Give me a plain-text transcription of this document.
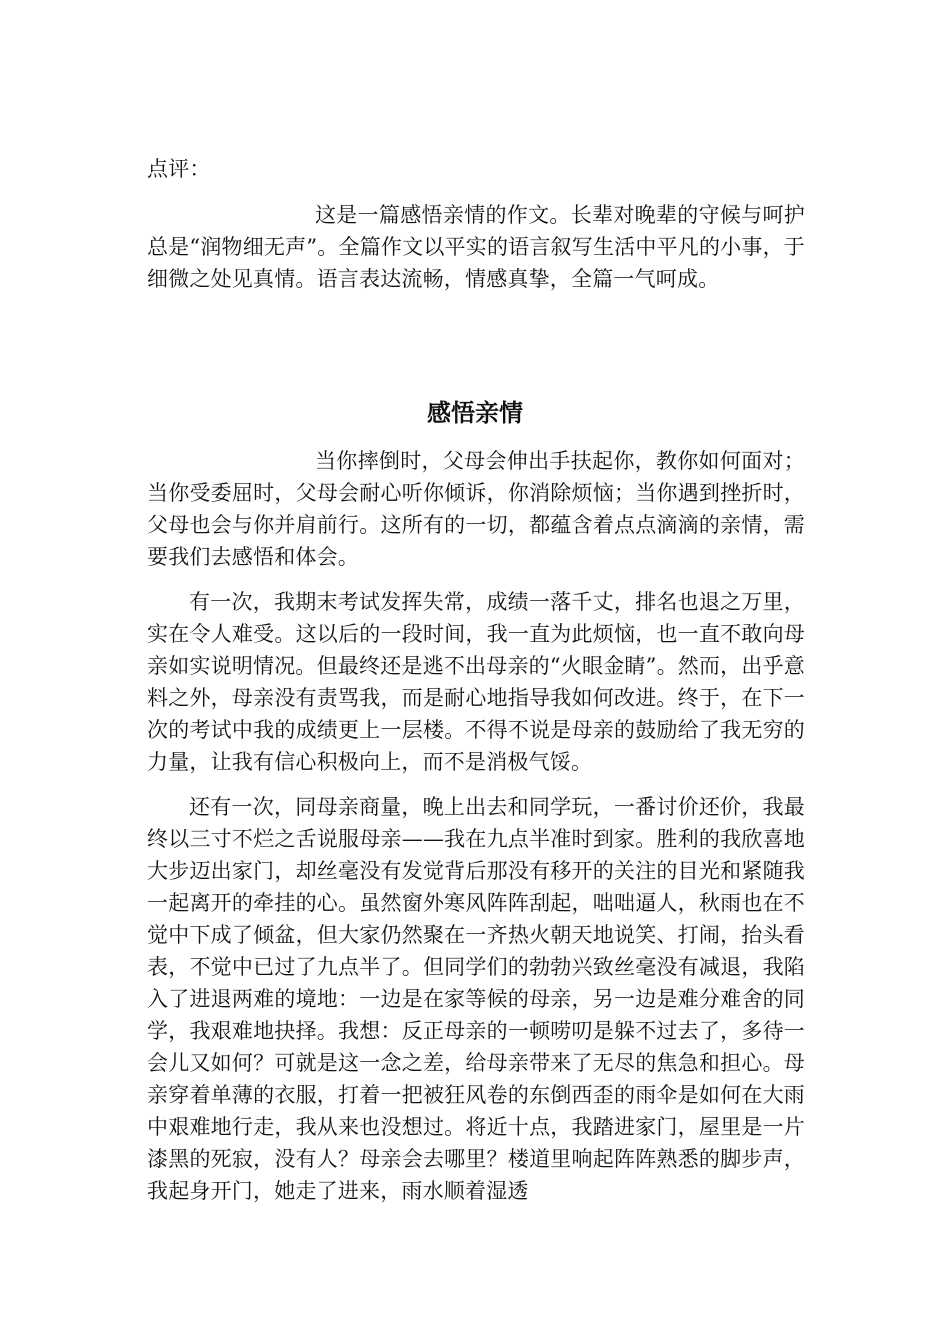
点评：

这是一篇感悟亲情的作文。长辈对晚辈的守候与呵护总是“润物细无声”。全篇作文以平实的语言叙写生活中平凡的小事，于细微之处见真情。语言表达流畅，情感真挚，全篇一气呵成。

感悟亲情

当你摔倒时，父母会伸出手扶起你，教你如何面对；当你受委屈时，父母会耐心听你倾诉，你消除烦恼；当你遇到挫折时，父母也会与你并肩前行。这所有的一切，都蕴含着点点滴滴的亲情，需要我们去感悟和体会。

有一次，我期末考试发挥失常，成绩一落千丈，排名也退之万里，实在令人难受。这以后的一段时间，我一直为此烦恼，也一直不敢向母亲如实说明情况。但最终还是逃不出母亲的“火眼金睛”。然而，出乎意料之外，母亲没有责骂我，而是耐心地指导我如何改进。终于，在下一次的考试中我的成绩更上一层楼。不得不说是母亲的鼓励给了我无穷的力量，让我有信心积极向上，而不是消极气馁。

还有一次，同母亲商量，晚上出去和同学玩，一番讨价还价，我最终以三寸不烂之舌说服母亲——我在九点半准时到家。胜利的我欣喜地大步迈出家门，却丝毫没有发觉背后那没有移开的关注的目光和紧随我一起离开的牵挂的心。虽然窗外寒风阵阵刮起，咄咄逼人，秋雨也在不觉中下成了倾盆，但大家仍然聚在一齐热火朝天地说笑、打闹，抬头看表，不觉中已过了九点半了。但同学们的勃勃兴致丝毫没有减退，我陷入了进退两难的境地：一边是在家等候的母亲，另一边是难分难舍的同学，我艰难地抉择。我想：反正母亲的一顿唠叨是躲不过去了，多待一会儿又如何？可就是这一念之差，给母亲带来了无尽的焦急和担心。母亲穿着单薄的衣服，打着一把被狂风卷的东倒西歪的雨伞是如何在大雨中艰难地行走，我从来也没想过。将近十点，我踏进家门，屋里是一片漆黑的死寂，没有人？母亲会去哪里？楼道里响起阵阵熟悉的脚步声，我起身开门，她走了进来，雨水顺着湿透
